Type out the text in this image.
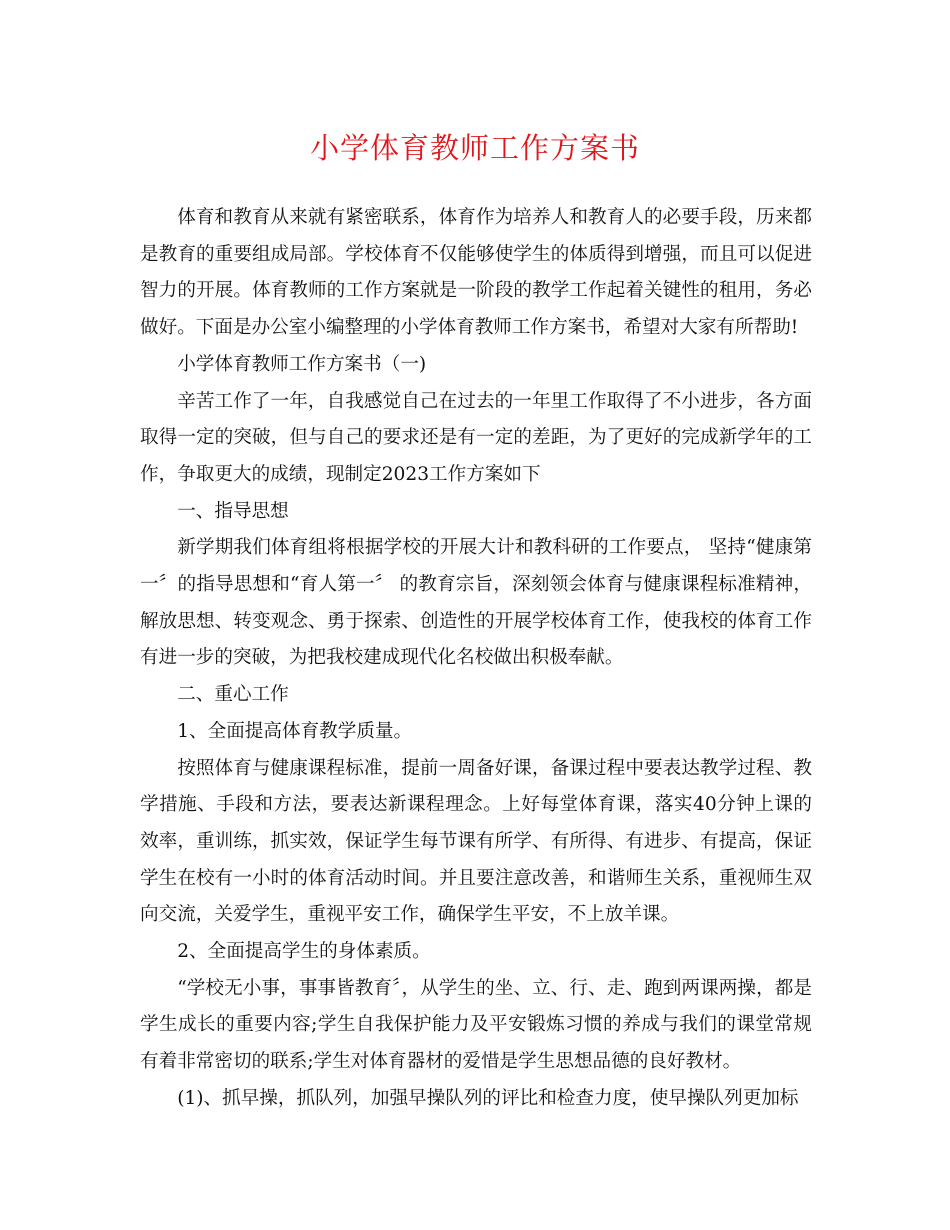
小学体育教师工作方案书

体育和教育从来就有紧密联系，体育作为培养人和教育人的必要手段，历来都是教育的重要组成局部。学校体育不仅能够使学生的体质得到增强，而且可以促进智力的开展。体育教师的工作方案就是一阶段的教学工作起着关键性的租用，务必做好。下面是办公室小编整理的小学体育教师工作方案书，希望对大家有所帮助!

小学体育教师工作方案书（一)

辛苦工作了一年，自我感觉自己在过去的一年里工作取得了不小进步，各方面取得一定的突破，但与自己的要求还是有一定的差距，为了更好的完成新学年的工作，争取更大的成绩，现制定2023工作方案如下

一、指导思想

新学期我们体育组将根据学校的开展大计和教科研的工作要点， 坚持“健康第一〞的指导思想和“育人第一〞 的教育宗旨，深刻领会体育与健康课程标准精神，解放思想、转变观念、勇于探索、创造性的开展学校体育工作，使我校的体育工作有进一步的突破，为把我校建成现代化名校做出积极奉献。

二、重心工作

1、全面提高体育教学质量。

按照体育与健康课程标准，提前一周备好课，备课过程中要表达教学过程、教学措施、手段和方法，要表达新课程理念。上好每堂体育课，落实40分钟上课的效率，重训练，抓实效，保证学生每节课有所学、有所得、有进步、有提高，保证学生在校有一小时的体育活动时间。并且要注意改善，和谐师生关系，重视师生双向交流，关爱学生，重视平安工作，确保学生平安，不上放羊课。

2、全面提高学生的身体素质。

“学校无小事，事事皆教育〞，从学生的坐、立、行、走、跑到两课两操，都是学生成长的重要内容;学生自我保护能力及平安锻炼习惯的养成与我们的课堂常规有着非常密切的联系;学生对体育器材的爱惜是学生思想品德的良好教材。

(1)、抓早操，抓队列，加强早操队列的评比和检查力度，使早操队列更加标
